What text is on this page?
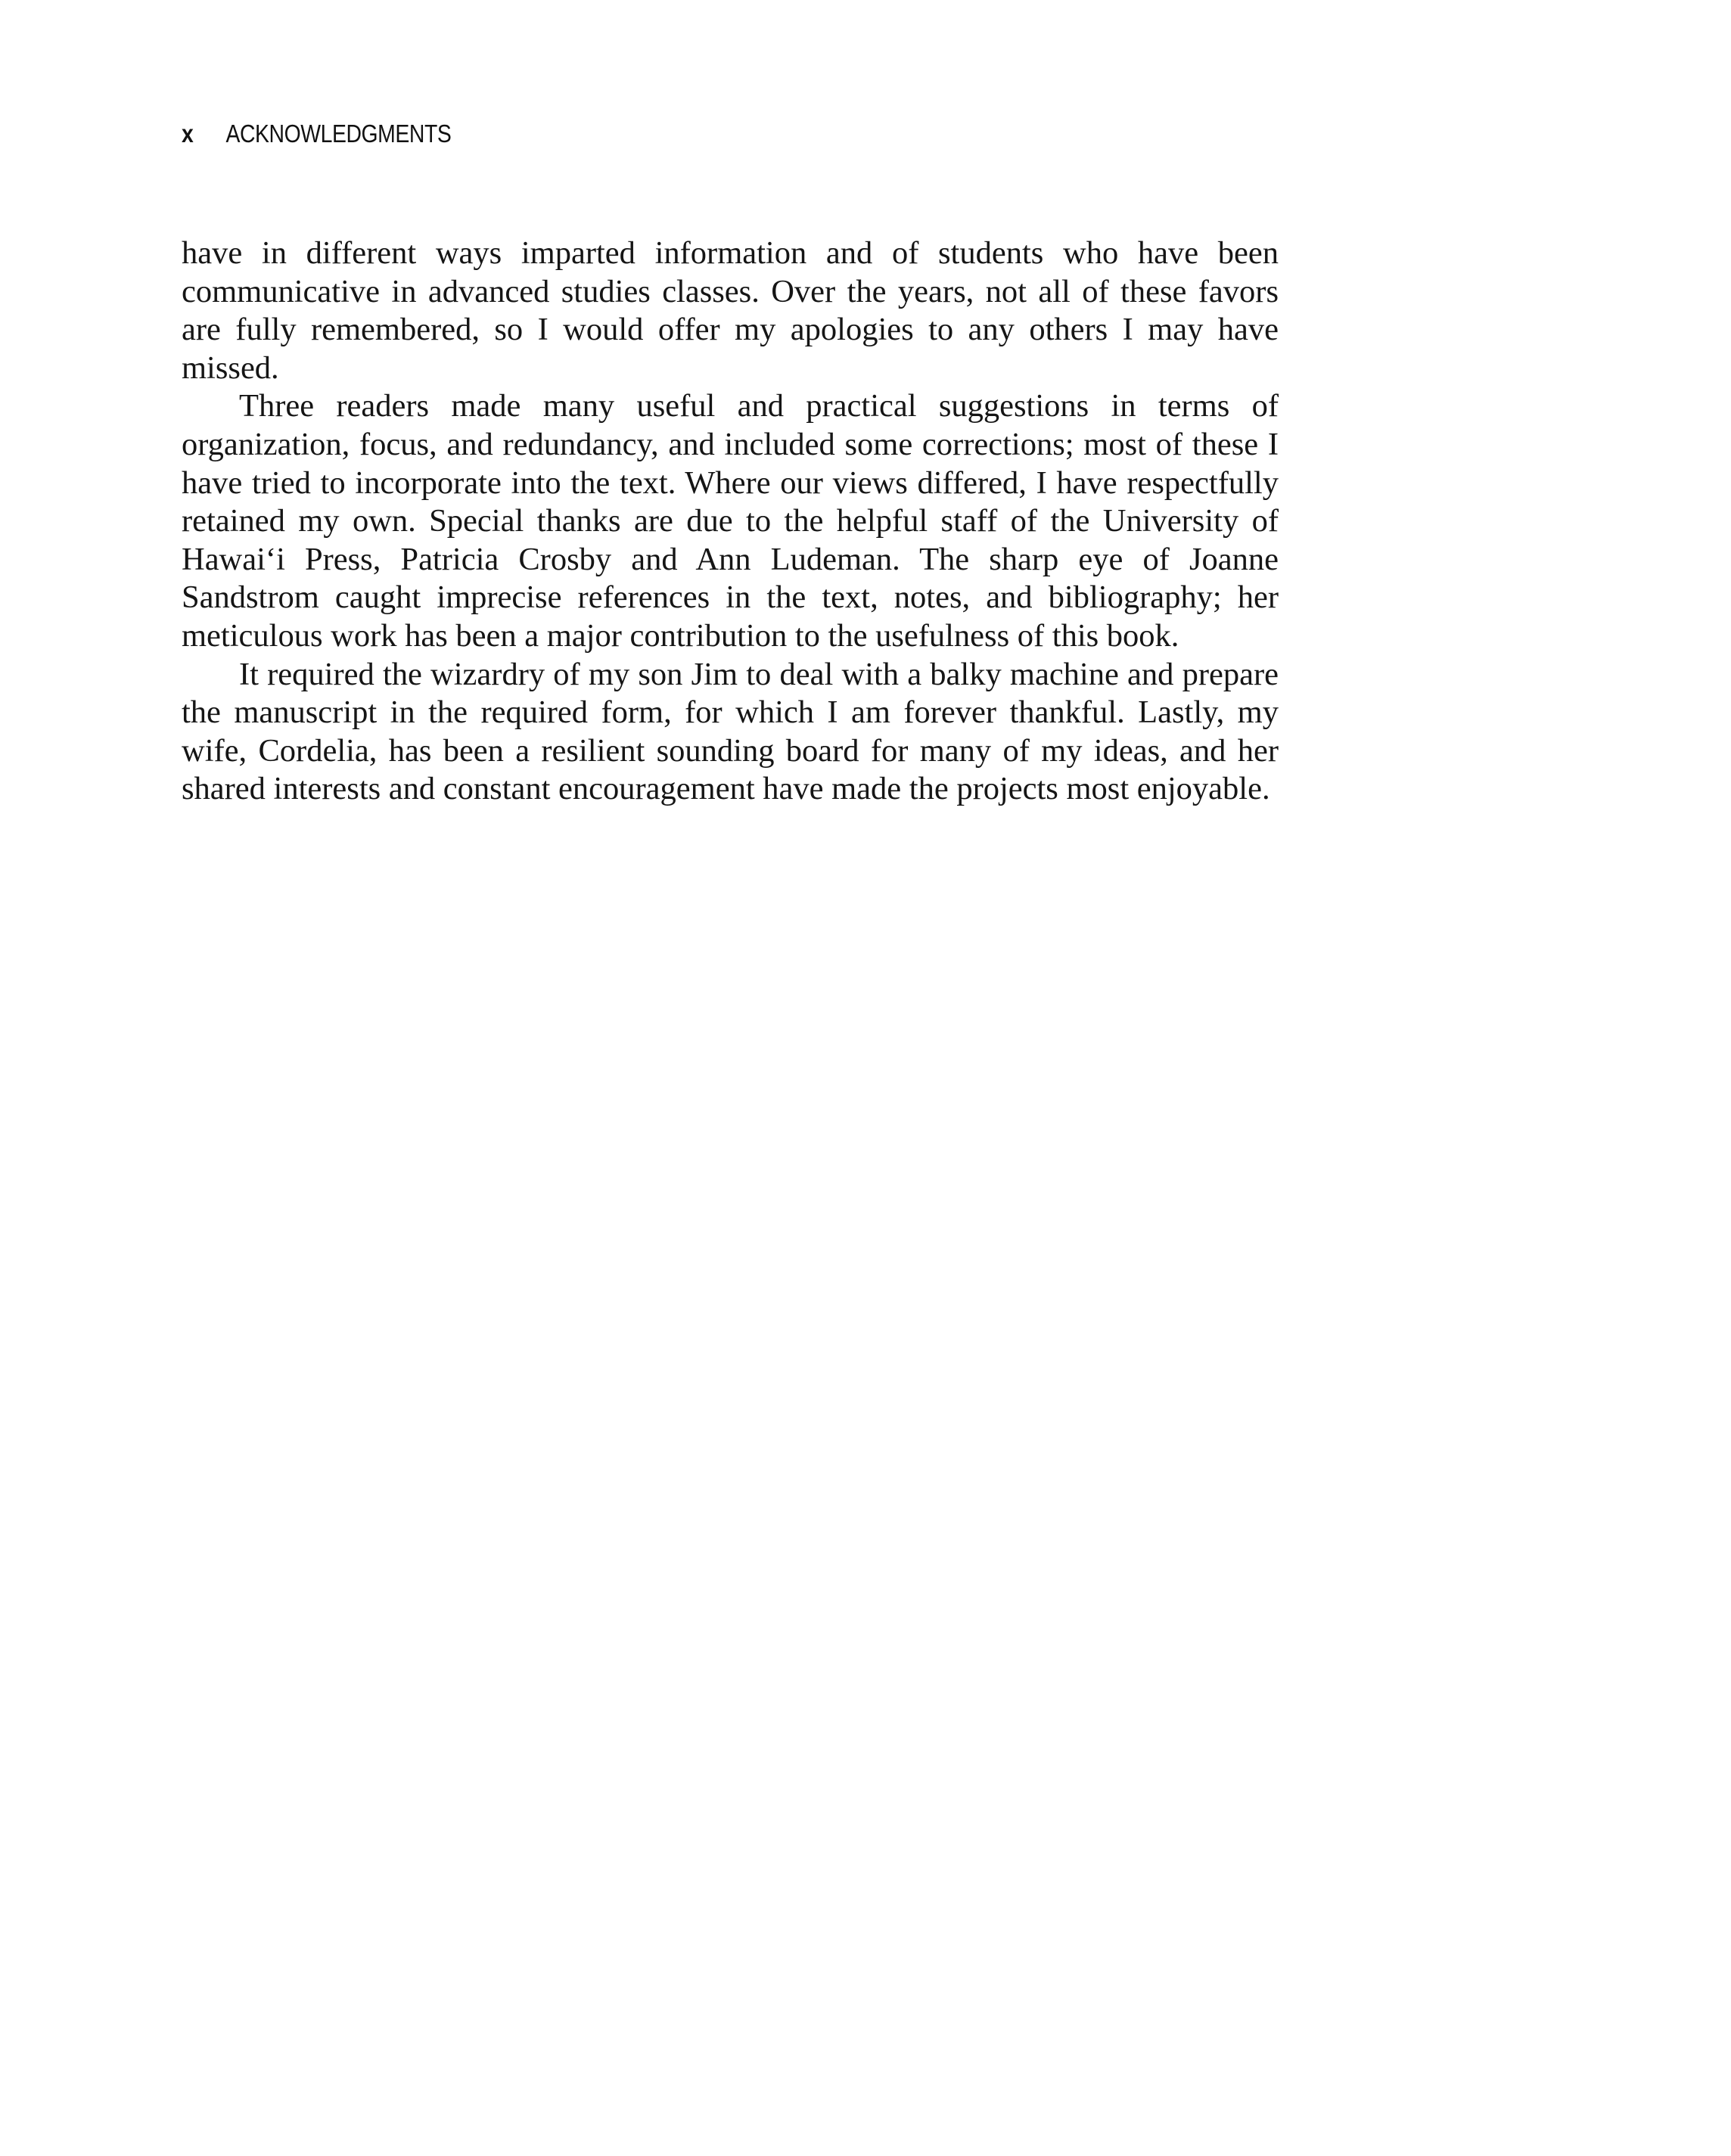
x	ACKNOWLEDGMENTS

have in different ways imparted information and of students who have been communicative in advanced studies classes. Over the years, not all of these favors are fully remembered, so I would offer my apologies to any others I may have missed.

Three readers made many useful and practical suggestions in terms of organization, focus, and redundancy, and included some corrections; most of these I have tried to incorporate into the text. Where our views differed, I have respectfully retained my own. Special thanks are due to the helpful staff of the University of Hawai‘i Press, Patricia Crosby and Ann Ludeman. The sharp eye of Joanne Sandstrom caught imprecise references in the text, notes, and bibliography; her meticulous work has been a major contribution to the usefulness of this book.

It required the wizardry of my son Jim to deal with a balky machine and prepare the manuscript in the required form, for which I am forever thankful. Lastly, my wife, Cordelia, has been a resilient sounding board for many of my ideas, and her shared interests and constant encouragement have made the projects most enjoyable.
